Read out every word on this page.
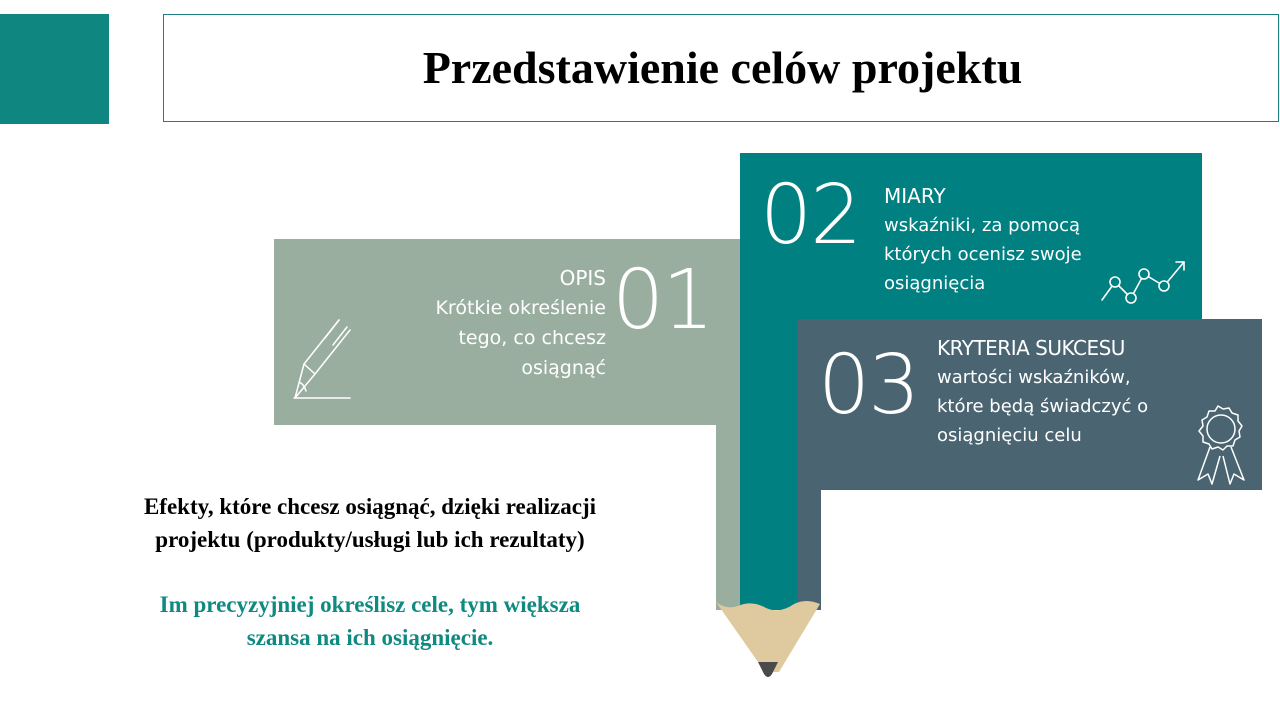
Przedstawienie celów projektu
01
OPIS
Krótkie określenie
tego, co chcesz
osiągnąć
02 MIARY
wskaźniki, za pomocą
których ocenisz swoje
osiągnięcia
03 KRYTERIA SUKCESU
wartości wskaźników,
które będą świadczyć o
osiągnięciu celu
Efekty, które chcesz osiągnąć, dzięki realizacji
projektu (produkty/usługi lub ich rezultaty)
Im precyzyjniej określisz cele, tym większa
szansa na ich osiągnięcie.
